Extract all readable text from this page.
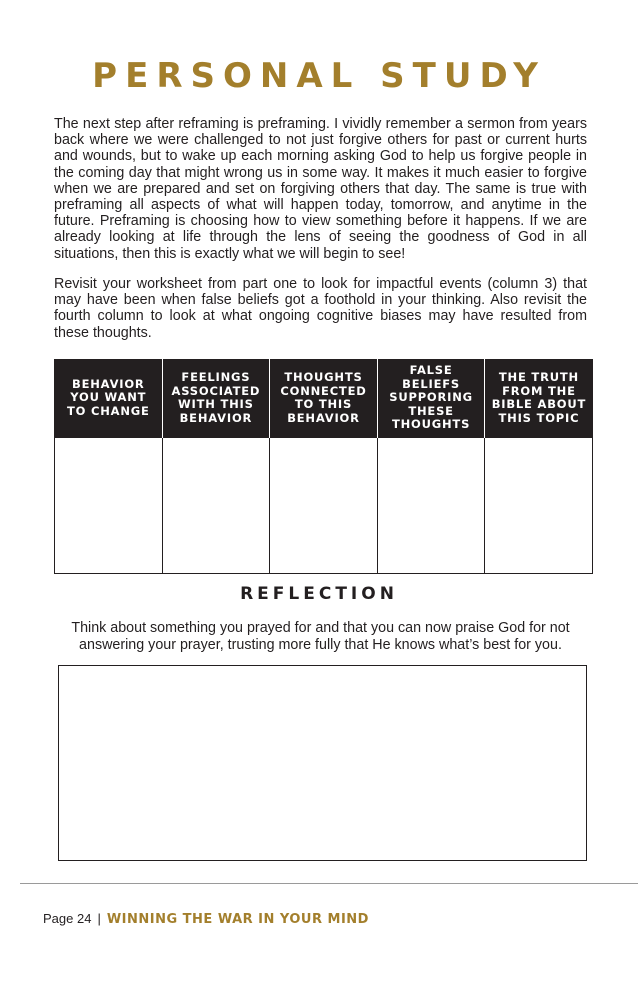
PERSONAL STUDY

The next step after reframing is preframing. I vividly remember a sermon from years back where we were challenged to not just forgive others for past or current hurts and wounds, but to wake up each morning asking God to help us forgive people in the coming day that might wrong us in some way. It makes it much easier to forgive when we are prepared and set on forgiving others that day. The same is true with preframing all aspects of what will happen today, tomorrow, and anytime in the future. Preframing is choosing how to view something before it happens. If we are already looking at life through the lens of seeing the goodness of God in all situations, then this is exactly what we will begin to see!

Revisit your worksheet from part one to look for impactful events (column 3) that may have been when false beliefs got a foothold in your thinking. Also revisit the fourth column to look at what ongoing cognitive biases may have resulted from these thoughts.

BEHAVIOR YOU WANT TO CHANGE	FEELINGS ASSOCIATED WITH THIS BEHAVIOR	THOUGHTS CONNECTED TO THIS BEHAVIOR	FALSE BELIEFS SUPPORING THESE THOUGHTS	THE TRUTH FROM THE BIBLE ABOUT THIS TOPIC

REFLECTION

Think about something you prayed for and that you can now praise God for not answering your prayer, trusting more fully that He knows what’s best for you.

Page 24 | WINNING THE WAR IN YOUR MIND
